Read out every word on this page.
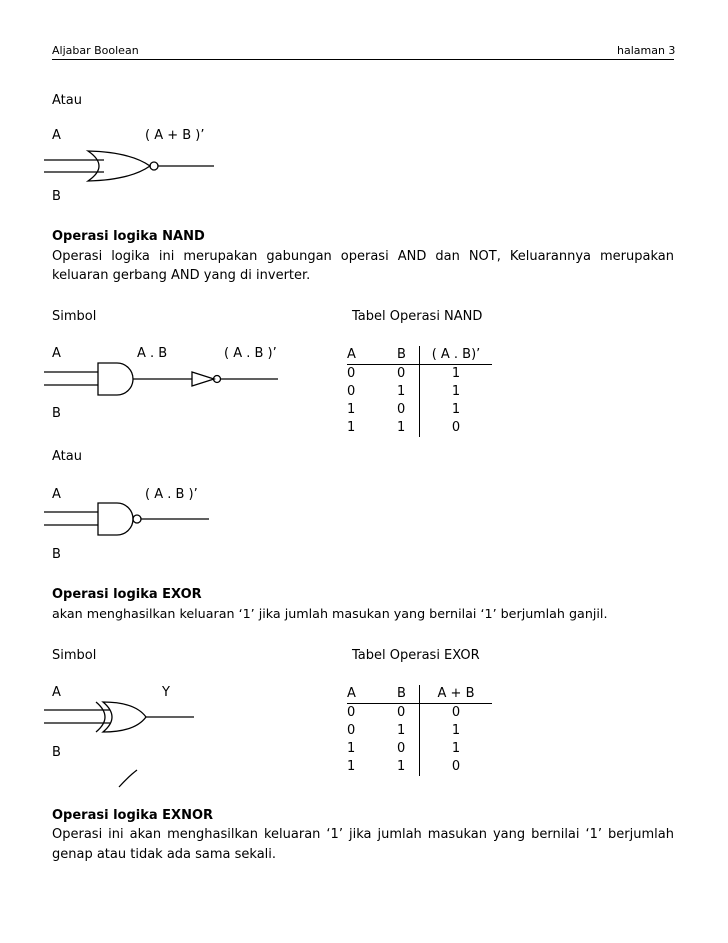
Aljabar Boolean	halaman 3
Atau
A	( A + B )’
B
Operasi logika NAND
Operasi logika ini merupakan gabungan operasi AND dan NOT, Keluarannya merupakan
keluaran gerbang AND yang di inverter.
Simbol	Tabel Operasi NAND
A	A . B	( A . B )’
B
A	B	( A . B)’
0	0	1
0	1	1
1	0	1
1	1	0
Atau
A	( A . B )’
B
Operasi logika EXOR
akan menghasilkan keluaran ‘1’ jika jumlah masukan yang bernilai ‘1’ berjumlah ganjil.
Simbol	Tabel Operasi EXOR
A	Y
B
A	B	A + B
0	0	0
0	1	1
1	0	1
1	1	0
Operasi logika EXNOR
Operasi ini akan menghasilkan keluaran ‘1’ jika jumlah masukan yang bernilai ‘1’ berjumlah
genap atau tidak ada sama sekali.
